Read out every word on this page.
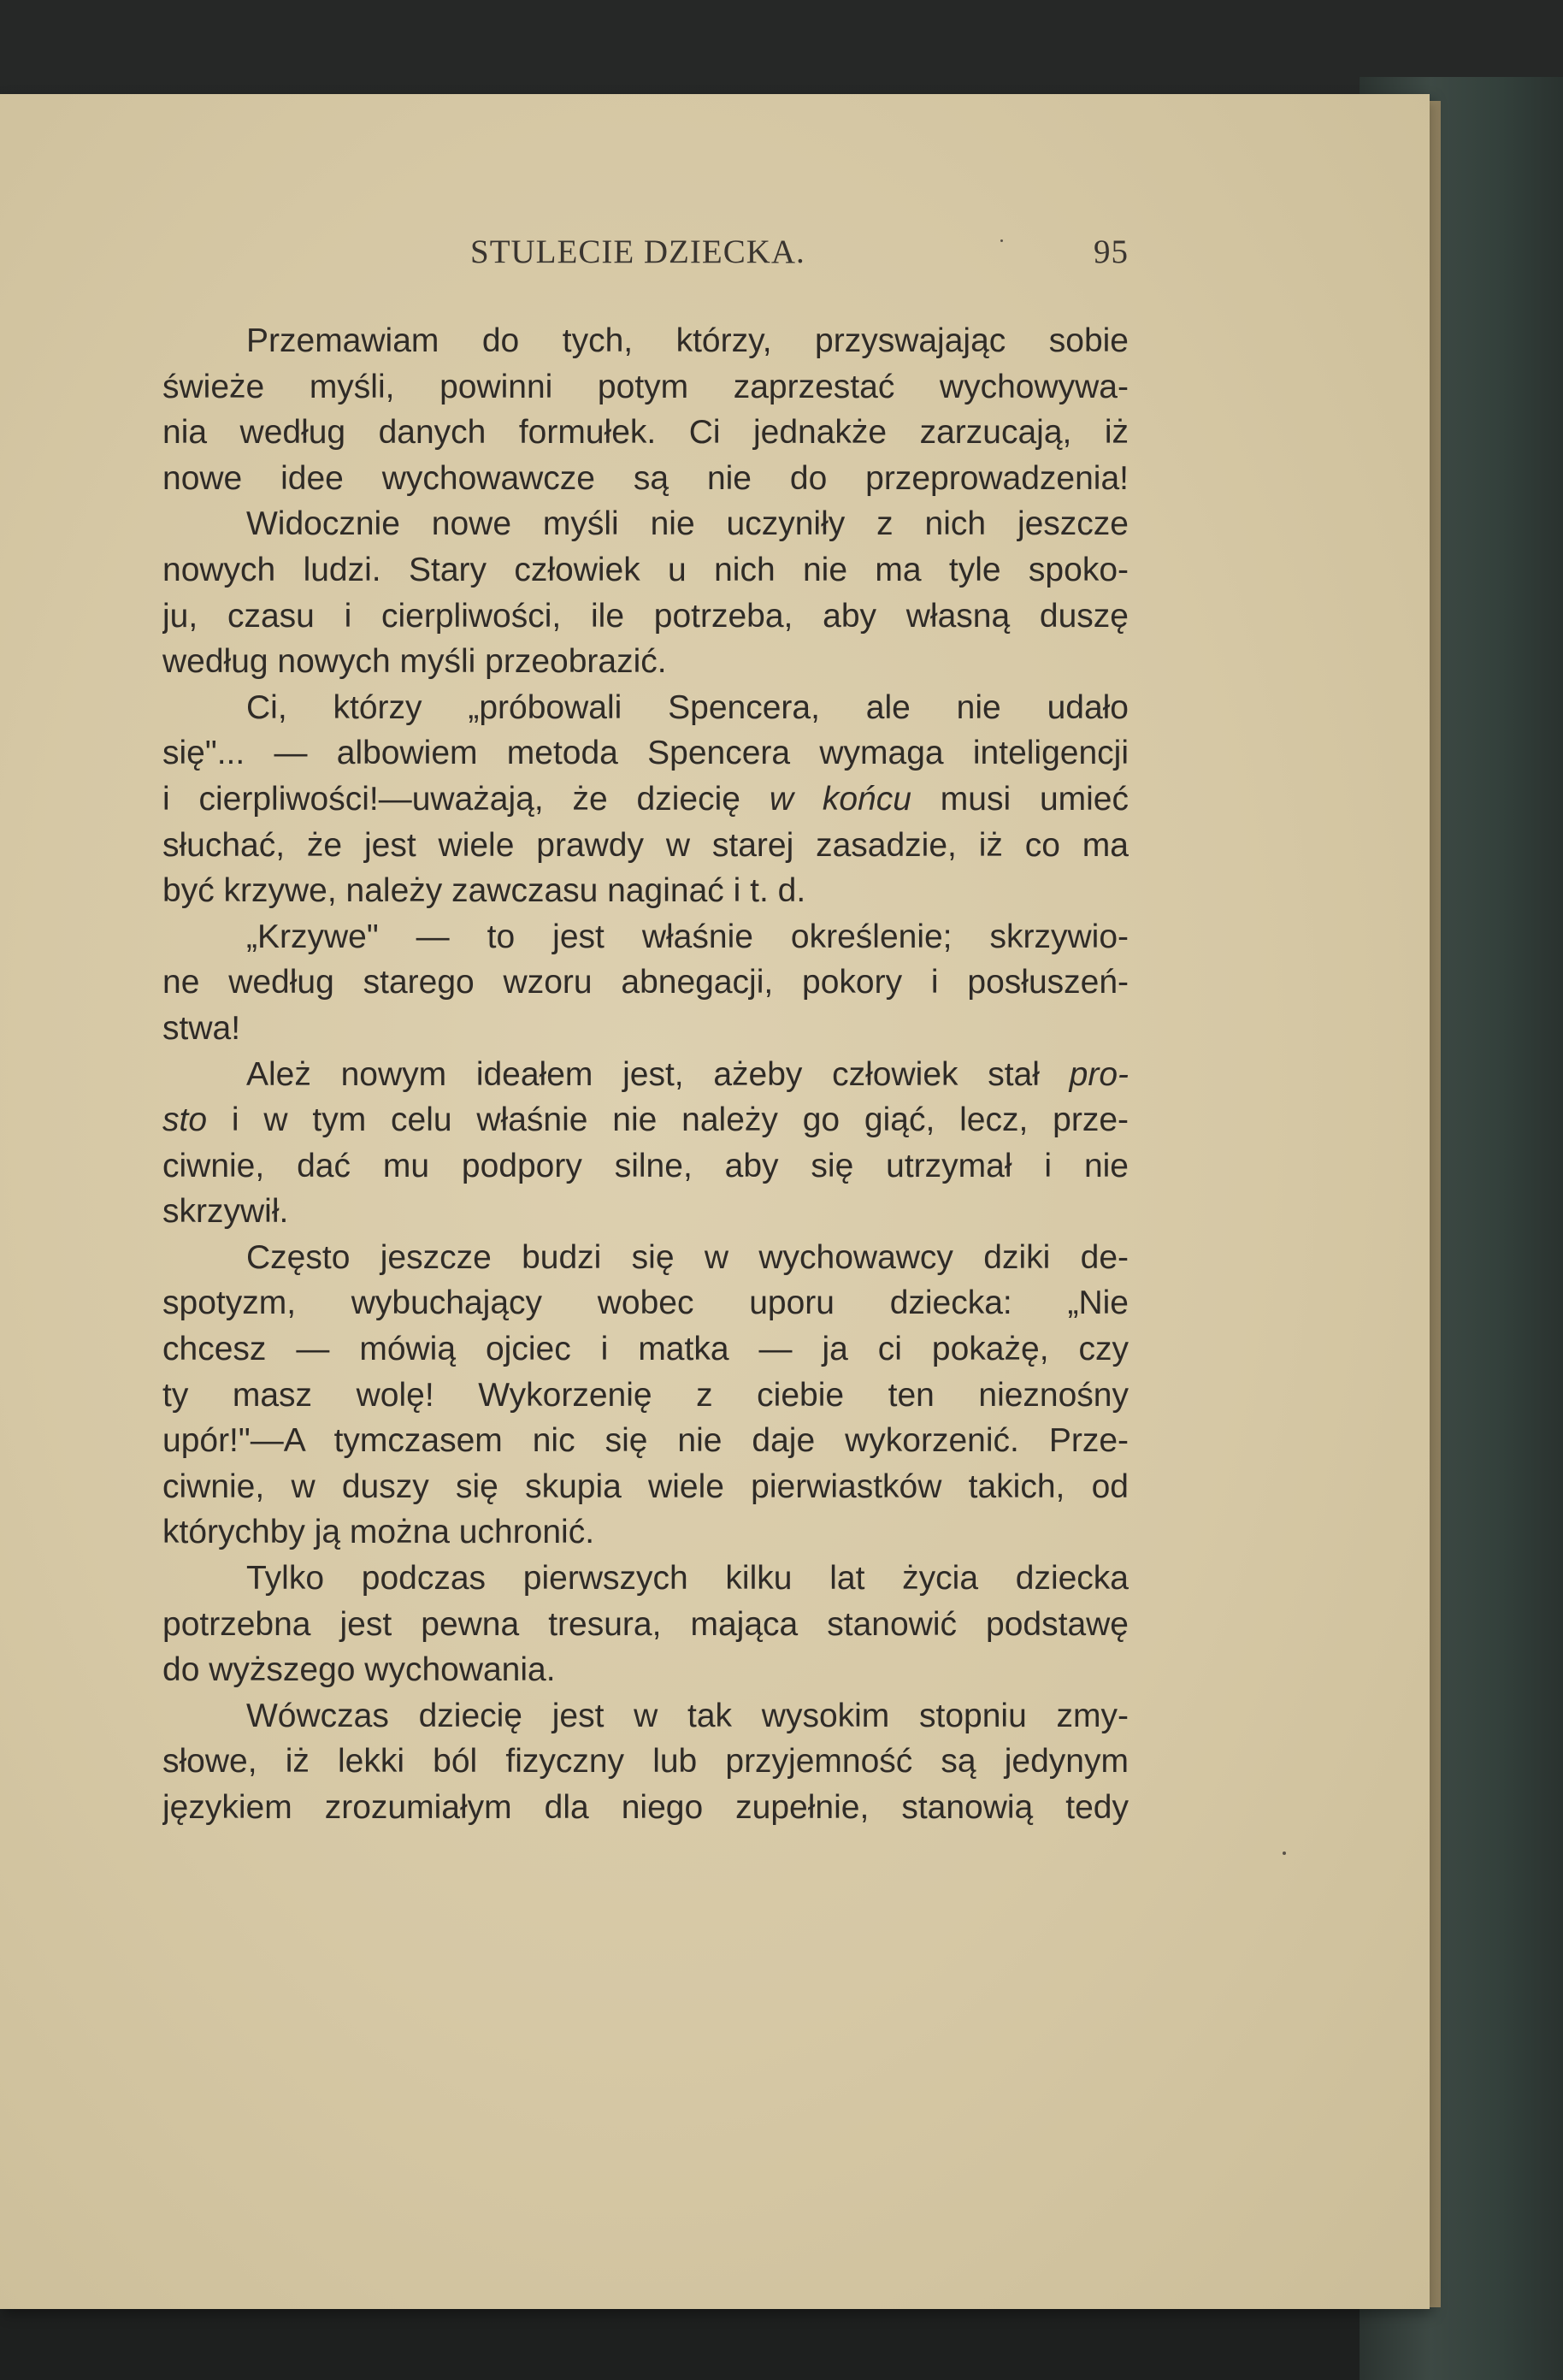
STULECIE DZIECKA.	95
Przemawiam do tych, którzy, przyswajając sobie
świeże myśli, powinni potym zaprzestać wychowywa-
nia według danych formułek. Ci jednakże zarzucają, iż
nowe idee wychowawcze są nie do przeprowadzenia!
Widocznie nowe myśli nie uczyniły z nich jeszcze
nowych ludzi. Stary człowiek u nich nie ma tyle spoko-
ju, czasu i cierpliwości, ile potrzeba, aby własną duszę
według nowych myśli przeobrazić.
Ci, którzy „próbowali Spencera, ale nie udało
się"... — albowiem metoda Spencera wymaga inteligencji
i cierpliwości!—uważają, że dziecię w końcu musi umieć
słuchać, że jest wiele prawdy w starej zasadzie, iż co ma
być krzywe, należy zawczasu naginać i t. d.
„Krzywe" — to jest właśnie określenie; skrzywio-
ne według starego wzoru abnegacji, pokory i posłuszeń-
stwa!
Ależ nowym ideałem jest, ażeby człowiek stał pro-
sto i w tym celu właśnie nie należy go giąć, lecz, prze-
ciwnie, dać mu podpory silne, aby się utrzymał i nie
skrzywił.
Często jeszcze budzi się w wychowawcy dziki de-
spotyzm, wybuchający wobec uporu dziecka: „Nie
chcesz — mówią ojciec i matka — ja ci pokażę, czy
ty masz wolę! Wykorzenię z ciebie ten nieznośny
upór!"—A tymczasem nic się nie daje wykorzenić. Prze-
ciwnie, w duszy się skupia wiele pierwiastków takich, od
którychby ją można uchronić.
Tylko podczas pierwszych kilku lat życia dziecka
potrzebna jest pewna tresura, mająca stanowić podstawę
do wyższego wychowania.
Wówczas dziecię jest w tak wysokim stopniu zmy-
słowe, iż lekki ból fizyczny lub przyjemność są jedynym
językiem zrozumiałym dla niego zupełnie, stanowią tedy
